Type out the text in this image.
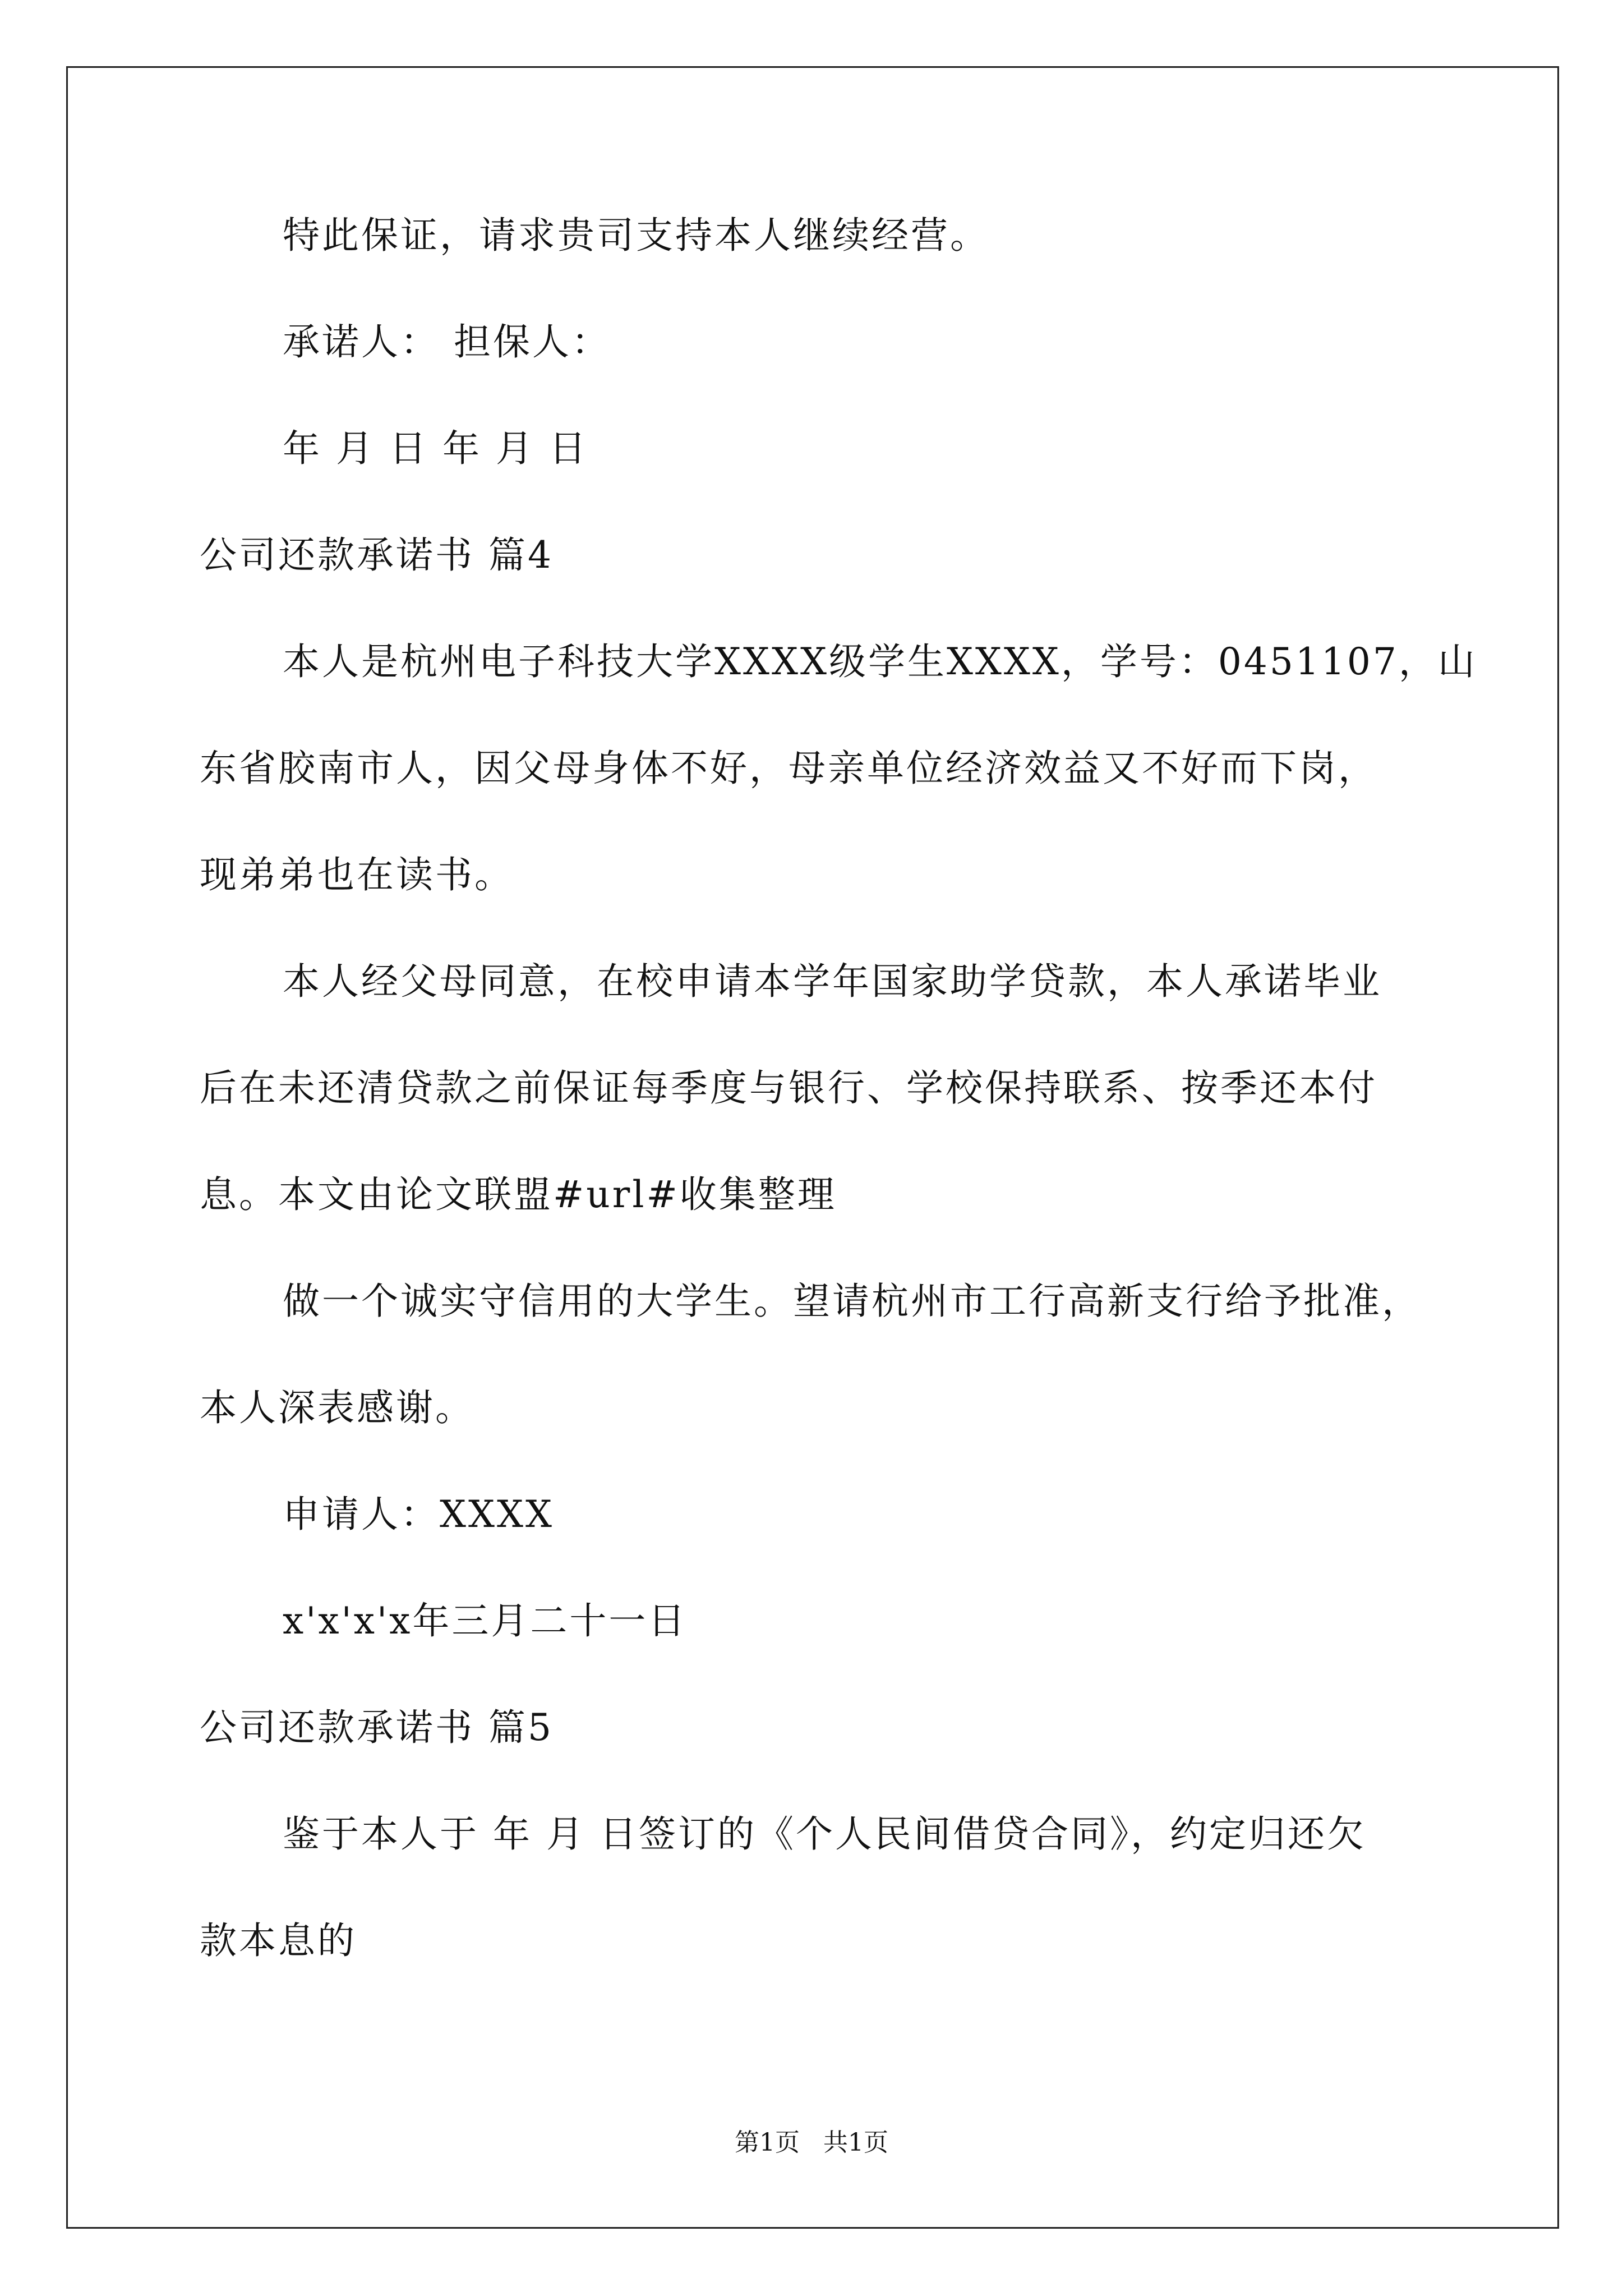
特此保证，请求贵司支持本人继续经营。
承诺人： 担保人：
年 月 日 年 月 日
公司还款承诺书 篇4
本人是杭州电子科技大学XXXX级学生XXXX，学号：0451107，山
东省胶南市人，因父母身体不好，母亲单位经济效益又不好而下岗，
现弟弟也在读书。
本人经父母同意，在校申请本学年国家助学贷款，本人承诺毕业
后在未还清贷款之前保证每季度与银行、学校保持联系、按季还本付
息。本文由论文联盟#url#收集整理
做一个诚实守信用的大学生。望请杭州市工行高新支行给予批准，
本人深表感谢。
申请人：XXXX
x'x'x'x年三月二十一日
公司还款承诺书 篇5
鉴于本人于 年 月 日签订的《个人民间借贷合同》，约定归还欠
款本息的
第1页 共1页
